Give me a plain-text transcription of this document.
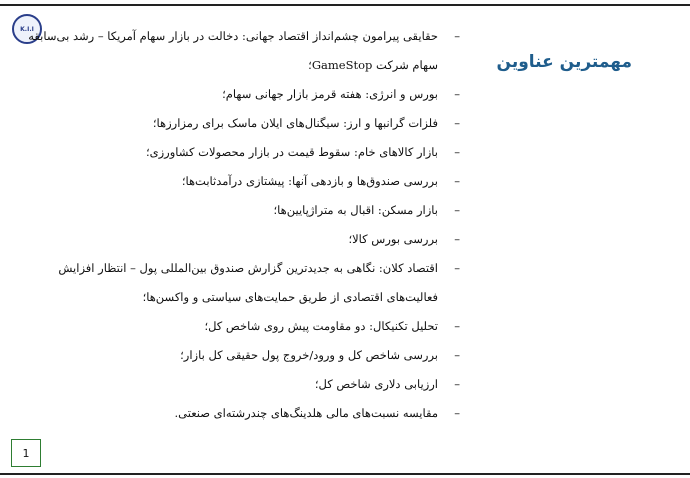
K.I.I
مهمترین عناوین
–
حقایقی پیرامون چشم‌انداز اقتصاد جهانی: دخالت در بازار سهام آمریکا – رشد بی‌سابقه سهام شرکت GameStop؛
–
بورس و انرژی: هفته قرمز بازار جهانی سهام؛
–
فلزات گرانبها و ارز: سیگنال‌های ایلان ماسک برای رمزارزها؛
–
بازار کالاهای خام: سقوط قیمت در بازار محصولات کشاورزی؛
–
بررسی صندوق‌ها و بازدهی آنها: پیشتازی درآمدثابت‌ها؛
–
بازار مسکن: اقبال به متراژپایین‌ها؛
–
بررسی بورس کالا؛
–
اقتصاد کلان: نگاهی به جدیدترین گزارش صندوق بین‌المللی پول – انتظار افزایش فعالیت‌های اقتصادی از طریق حمایت‌های سیاستی و واکسن‌ها؛
–
تحلیل تکنیکال: دو مقاومت پیش روی شاخص کل؛
–
بررسی شاخص کل و ورود/خروج پول حقیقی کل بازار؛
–
ارزیابی دلاری شاخص کل؛
–
مقایسه نسبت‌های مالی هلدینگ‌های چندرشته‌ای صنعتی.
1
